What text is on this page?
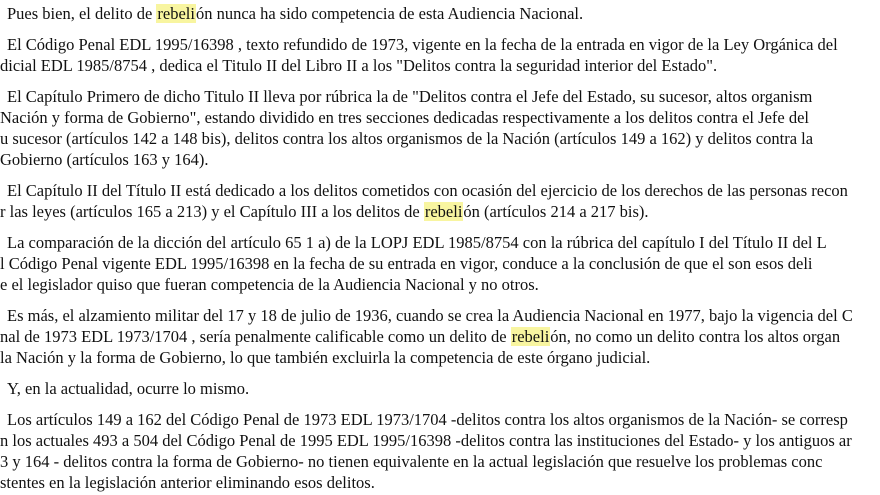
Pues bien, el delito de rebelión nunca ha sido competencia de esta Audiencia Nacional.

El Código Penal EDL 1995/16398 , texto refundido de 1973, vigente en la fecha de la entrada en vigor de la Ley Orgánica del
dicial EDL 1985/8754 , dedica el Titulo II del Libro II a los "Delitos contra la seguridad interior del Estado".

El Capítulo Primero de dicho Titulo II lleva por rúbrica la de "Delitos contra el Jefe del Estado, su sucesor, altos organism
Nación y forma de Gobierno", estando dividido en tres secciones dedicadas respectivamente a los delitos contra el Jefe del
u sucesor (artículos 142 a 148 bis), delitos contra los altos organismos de la Nación (artículos 149 a 162) y delitos contra la
Gobierno (artículos 163 y 164).

El Capítulo II del Título II está dedicado a los delitos cometidos con ocasión del ejercicio de los derechos de las personas recon
r las leyes (artículos 165 a 213) y el Capítulo III a los delitos de rebelión (artículos 214 a 217 bis).

La comparación de la dicción del artículo 65 1 a) de la LOPJ EDL 1985/8754 con la rúbrica del capítulo I del Título II del L
l Código Penal vigente EDL 1995/16398 en la fecha de su entrada en vigor, conduce a la conclusión de que el son esos deli
e el legislador quiso que fueran competencia de la Audiencia Nacional y no otros.

Es más, el alzamiento militar del 17 y 18 de julio de 1936, cuando se crea la Audiencia Nacional en 1977, bajo la vigencia del C
nal de 1973 EDL 1973/1704 , sería penalmente calificable como un delito de rebelión, no como un delito contra los altos organ
la Nación y la forma de Gobierno, lo que también excluirla la competencia de este órgano judicial.

Y, en la actualidad, ocurre lo mismo.

Los artículos 149 a 162 del Código Penal de 1973 EDL 1973/1704 -delitos contra los altos organismos de la Nación- se corresp
n los actuales 493 a 504 del Código Penal de 1995 EDL 1995/16398 -delitos contra las instituciones del Estado- y los antiguos ar
3 y 164 - delitos contra la forma de Gobierno- no tienen equivalente en la actual legislación que resuelve los problemas conc
stentes en la legislación anterior eliminando esos delitos.
